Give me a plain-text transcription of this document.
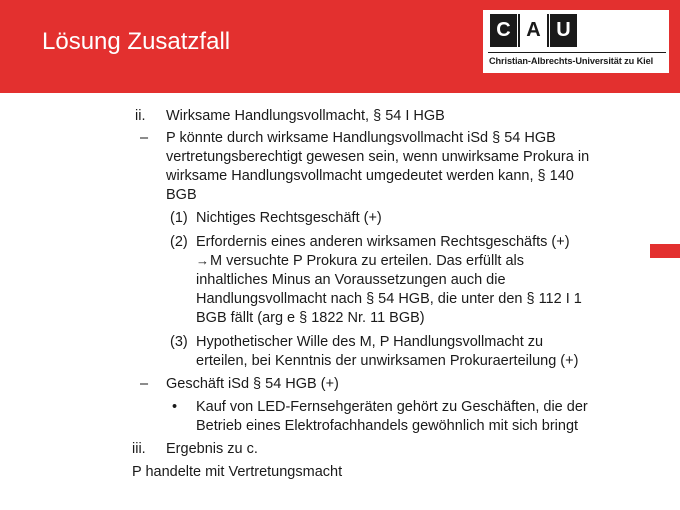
Lösung Zusatzfall	C A U
Christian-Albrechts-Universität zu Kiel
ii. Wirksame Handlungsvollmacht, § 54 I HGB
– P könnte durch wirksame Handlungsvollmacht iSd § 54 HGB
vertretungsberechtigt gewesen sein, wenn unwirksame Prokura in
wirksame Handlungsvollmacht umgedeutet werden kann, § 140
BGB
(1) Nichtiges Rechtsgeschäft (+)
(2) Erfordernis eines anderen wirksamen Rechtsgeschäfts (+)
→M versuchte P Prokura zu erteilen. Das erfüllt als
inhaltliches Minus an Voraussetzungen auch die
Handlungsvollmacht nach § 54 HGB, die unter den § 112 I 1
BGB fällt (arg e § 1822 Nr. 11 BGB)
(3) Hypothetischer Wille des M, P Handlungsvollmacht zu
erteilen, bei Kenntnis der unwirksamen Prokuraerteilung (+)
– Geschäft iSd § 54 HGB (+)
• Kauf von LED-Fernsehgeräten gehört zu Geschäften, die der
Betrieb eines Elektrofachhandels gewöhnlich mit sich bringt
iii. Ergebnis zu c.
P handelte mit Vertretungsmacht
